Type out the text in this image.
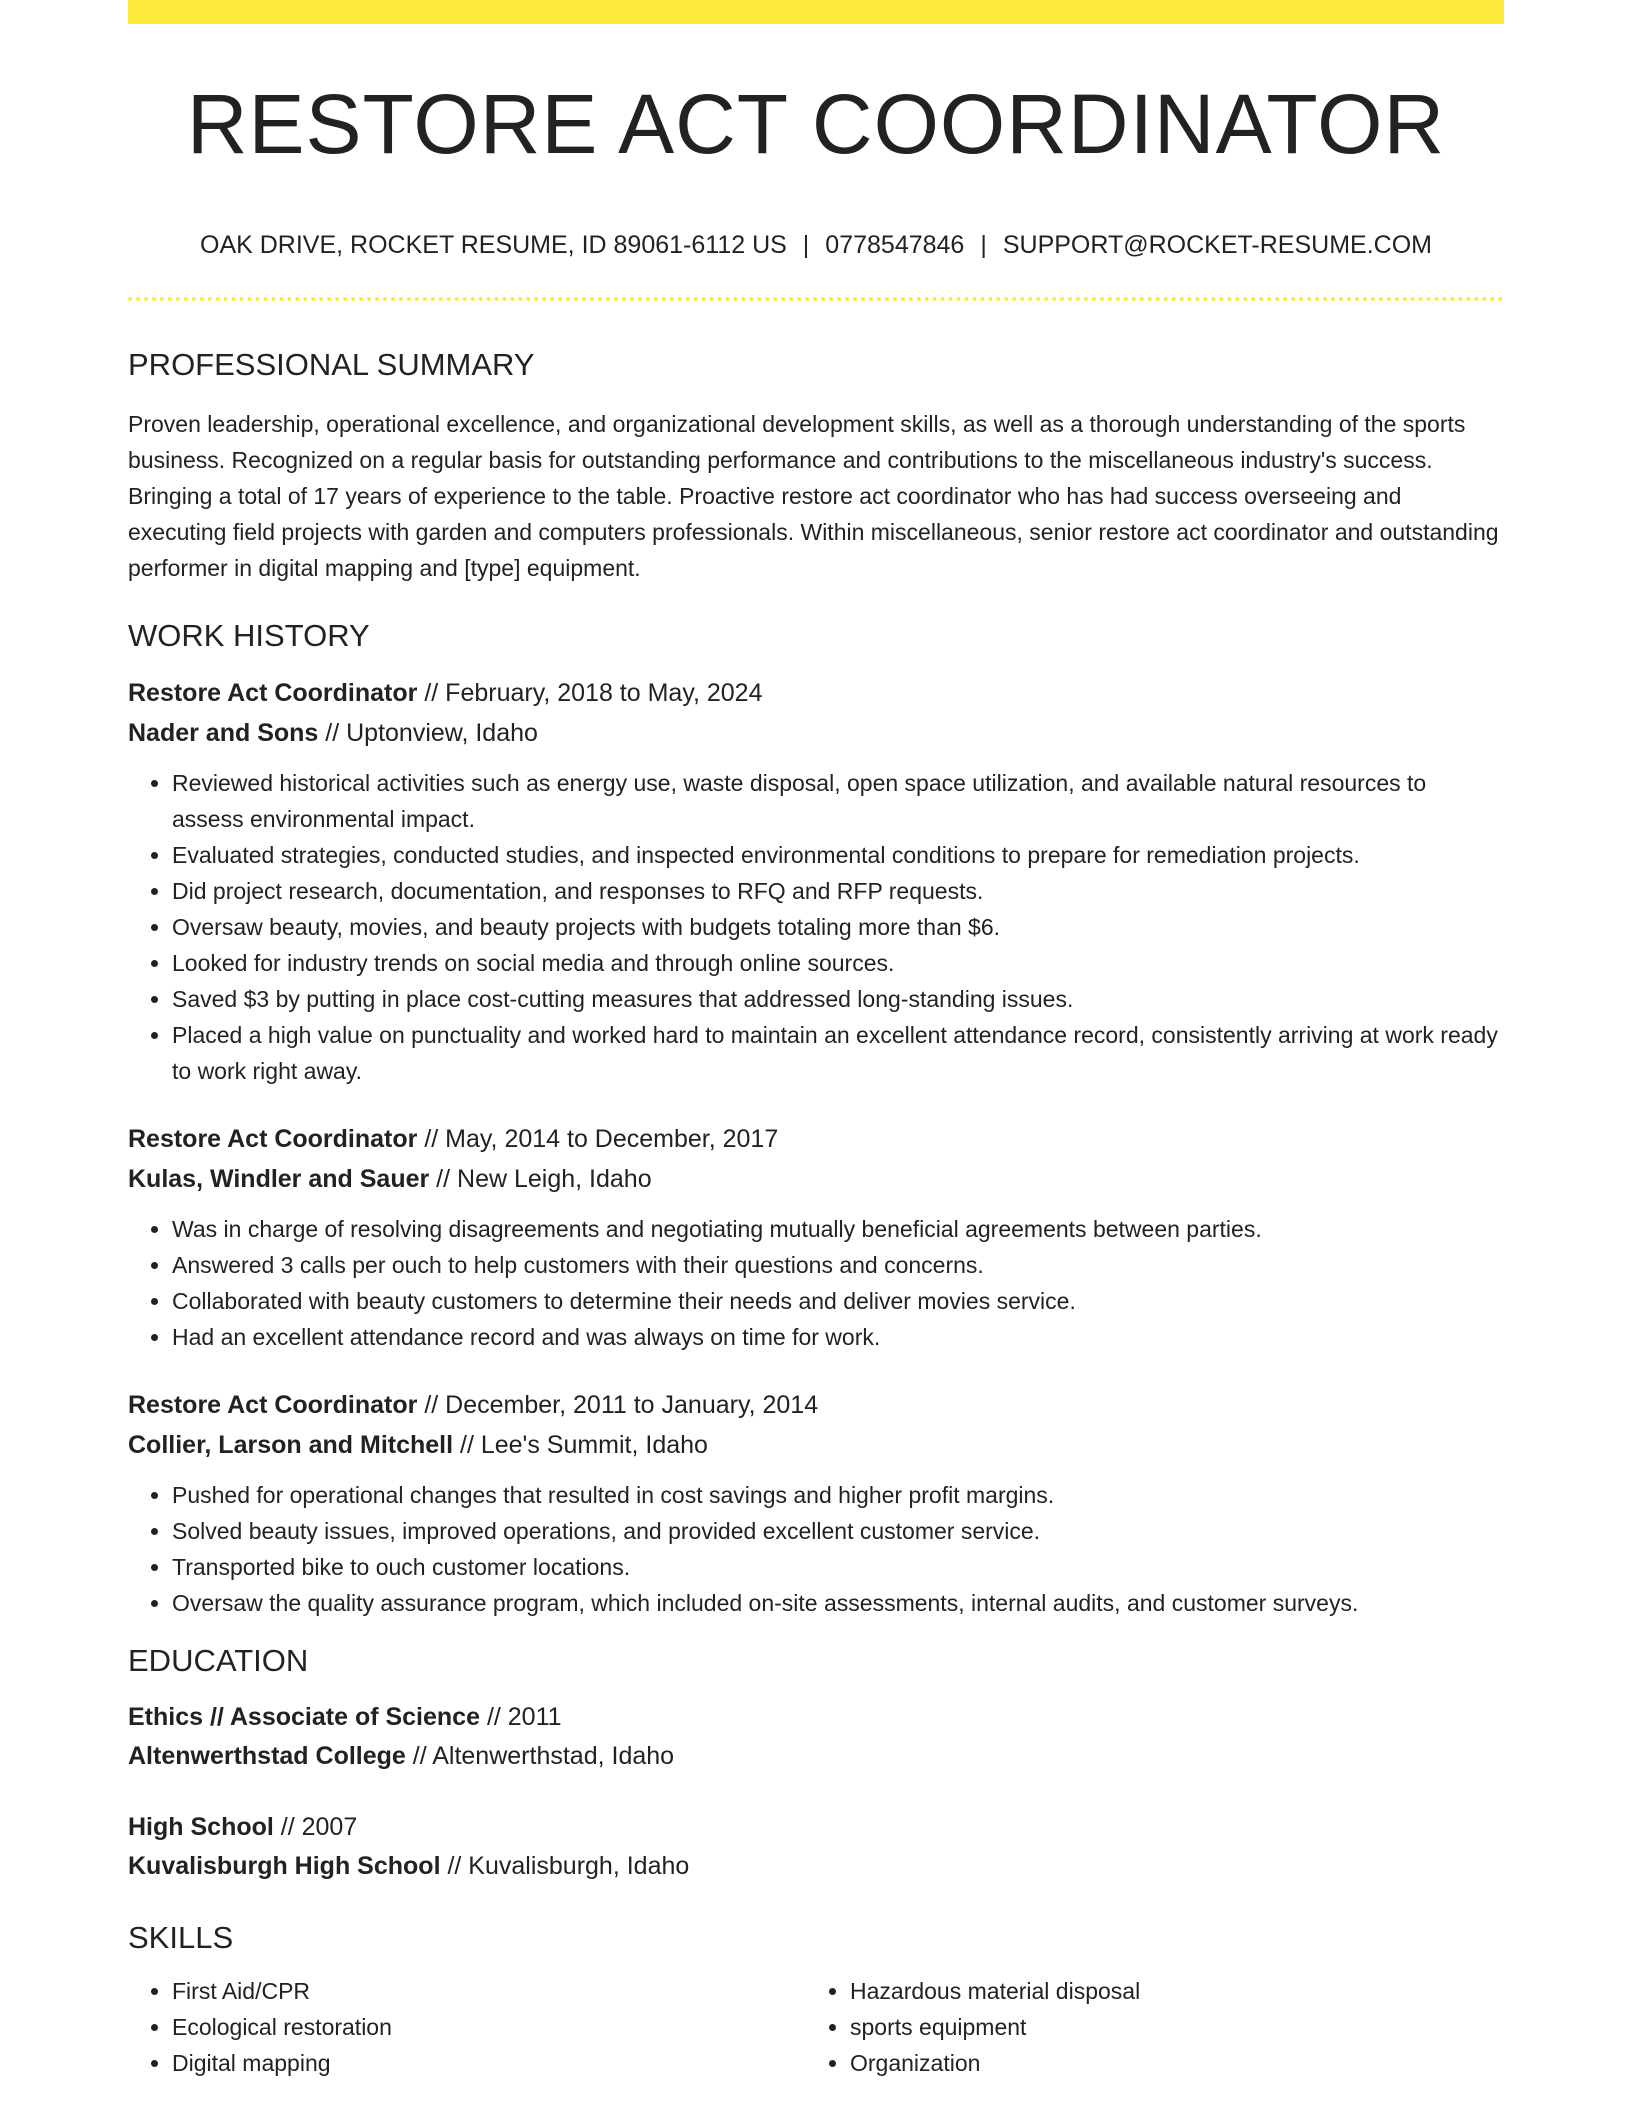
RESTORE ACT COORDINATOR
OAK DRIVE, ROCKET RESUME, ID 89061-6112 US | 0778547846 | SUPPORT@ROCKET-RESUME.COM
PROFESSIONAL SUMMARY

Proven leadership, operational excellence, and organizational development skills, as well as a thorough understanding of the sports business. Recognized on a regular basis for outstanding performance and contributions to the miscellaneous industry's success. Bringing a total of 17 years of experience to the table. Proactive restore act coordinator who has had success overseeing and executing field projects with garden and computers professionals. Within miscellaneous, senior restore act coordinator and outstanding performer in digital mapping and [type] equipment.

WORK HISTORY
Restore Act Coordinator // February, 2018 to May, 2024
Nader and Sons // Uptonview, Idaho
• Reviewed historical activities such as energy use, waste disposal, open space utilization, and available natural resources to assess environmental impact.
• Evaluated strategies, conducted studies, and inspected environmental conditions to prepare for remediation projects.
• Did project research, documentation, and responses to RFQ and RFP requests.
• Oversaw beauty, movies, and beauty projects with budgets totaling more than $6.
• Looked for industry trends on social media and through online sources.
• Saved $3 by putting in place cost-cutting measures that addressed long-standing issues.
• Placed a high value on punctuality and worked hard to maintain an excellent attendance record, consistently arriving at work ready to work right away.
Restore Act Coordinator // May, 2014 to December, 2017
Kulas, Windler and Sauer // New Leigh, Idaho
• Was in charge of resolving disagreements and negotiating mutually beneficial agreements between parties.
• Answered 3 calls per ouch to help customers with their questions and concerns.
• Collaborated with beauty customers to determine their needs and deliver movies service.
• Had an excellent attendance record and was always on time for work.
Restore Act Coordinator // December, 2011 to January, 2014
Collier, Larson and Mitchell // Lee's Summit, Idaho
• Pushed for operational changes that resulted in cost savings and higher profit margins.
• Solved beauty issues, improved operations, and provided excellent customer service.
• Transported bike to ouch customer locations.
• Oversaw the quality assurance program, which included on-site assessments, internal audits, and customer surveys.
EDUCATION
Ethics // Associate of Science // 2011
Altenwerthstad College // Altenwerthstad, Idaho
High School // 2007
Kuvalisburgh High School // Kuvalisburgh, Idaho
SKILLS
• First Aid/CPR
• Ecological restoration
• Digital mapping
• Hazardous material disposal
• sports equipment
• Organization
